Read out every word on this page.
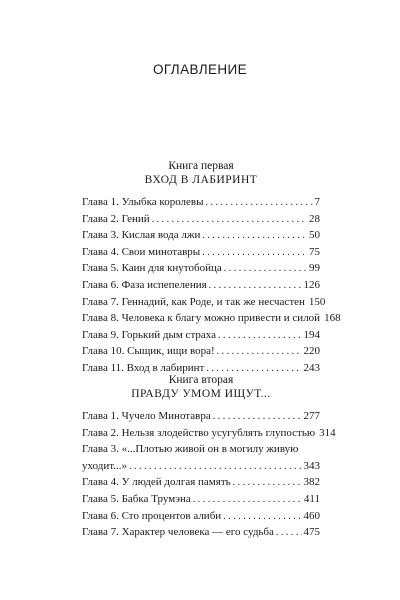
ОГЛАВЛЕНИЕ
Книга первая
ВХОД В ЛАБИРИНТ
Глава 1. Улыбка королевы . . .	7
Глава 2. Гений . . .	28
Глава 3. Кислая вода лжи . . .	50
Глава 4. Свои минотавры . . .	75
Глава 5. Каин для кнутобойца . . .	99
Глава 6. Фаза испепеления . . .	126
Глава 7. Геннадий, как Роде, и так же несчастен 150
Глава 8. Человека к благу можно привести и силой 168
Глава 9. Горький дым страха . . .	194
Глава 10. Сыщик, ищи вора! . . .	220
Глава 11. Вход в лабиринт . . .	243
Книга вторая
ПРАВДУ УМОМ ИЩУТ...
Глава 1. Чучело Минотавра . . .	277
Глава 2. Нельзя злодейство усугублять глупостью 314
Глава 3. «...Плотью живой он в могилу живую
уходит...» . . .	343
Глава 4. У людей долгая память . . .	382
Глава 5. Бабка Трумэна . . .	411
Глава 6. Сто процентов алиби . . .	460
Глава 7. Характер человека — его судьба . . .	475
